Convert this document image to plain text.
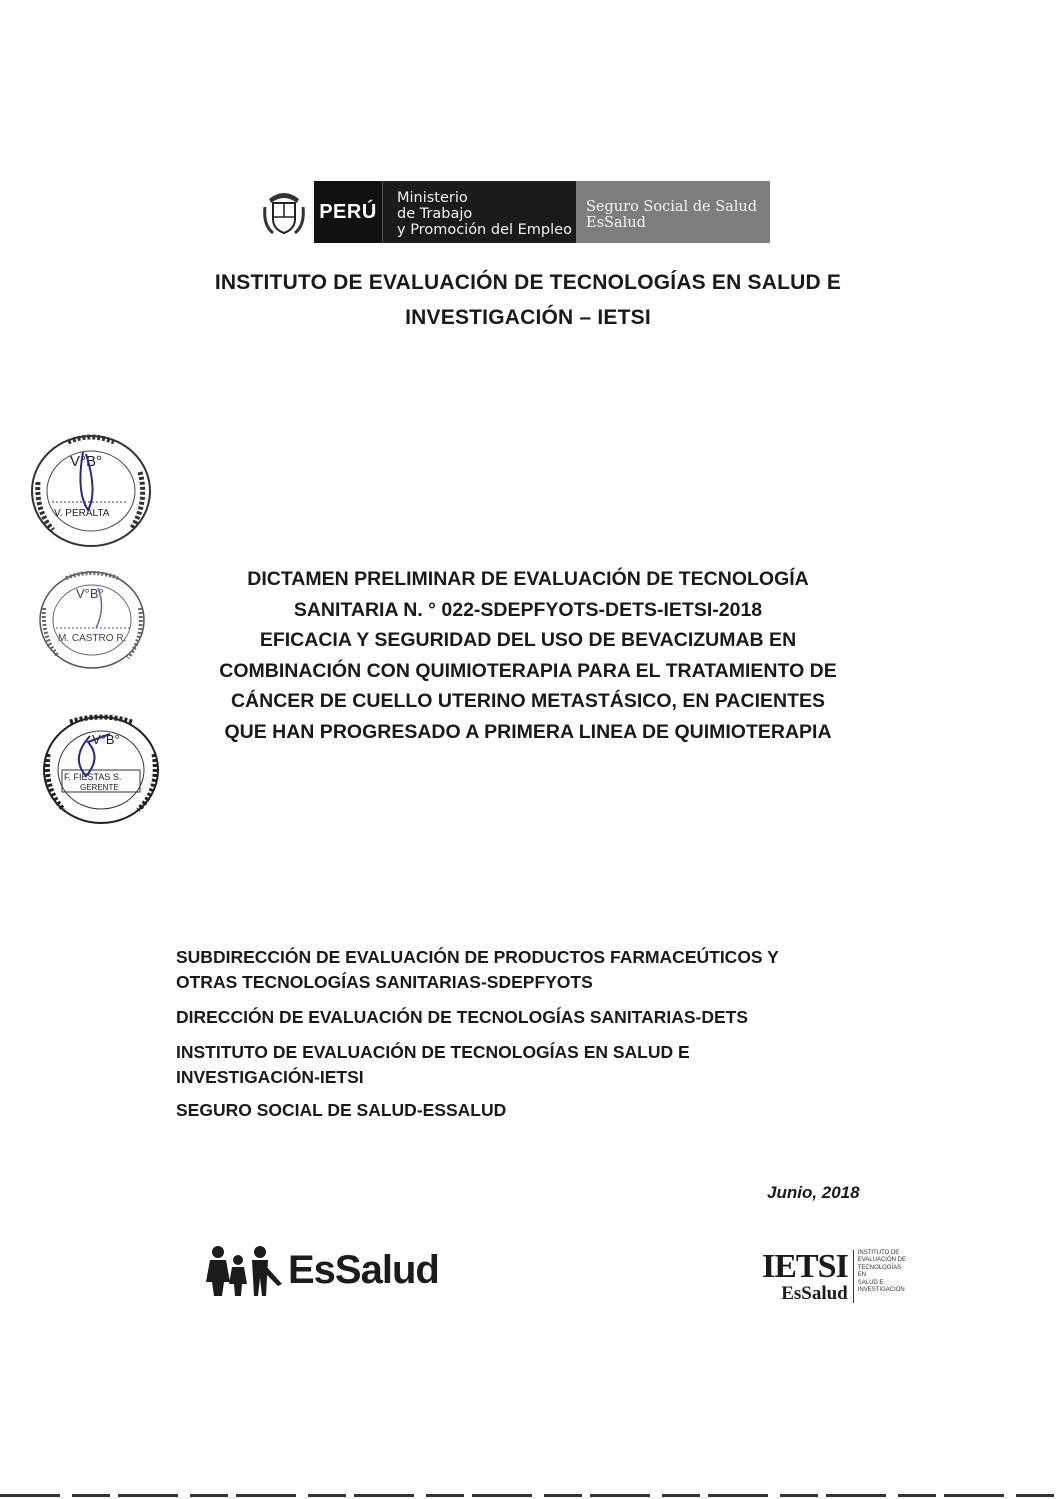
PERÚ
Ministerio
de Trabajo
y Promoción del Empleo
Seguro Social de Salud
EsSalud
INSTITUTO DE EVALUACIÓN DE TECNOLOGÍAS EN SALUD E
INVESTIGACIÓN – IETSI
V°B°
V. PERALTA
V°B°
M. CASTRO R.
V°B°
F. FIESTAS S.
GERENTE
DICTAMEN PRELIMINAR DE EVALUACIÓN DE TECNOLOGÍA
SANITARIA N. ° 022-SDEPFYOTS-DETS-IETSI-2018
EFICACIA Y SEGURIDAD DEL USO DE BEVACIZUMAB EN
COMBINACIÓN CON QUIMIOTERAPIA PARA EL TRATAMIENTO DE
CÁNCER DE CUELLO UTERINO METASTÁSICO, EN PACIENTES
QUE HAN PROGRESADO A PRIMERA LINEA DE QUIMIOTERAPIA
SUBDIRECCIÓN DE EVALUACIÓN DE PRODUCTOS FARMACEÚTICOS Y
OTRAS TECNOLOGÍAS SANITARIAS-SDEPFYOTS
DIRECCIÓN DE EVALUACIÓN DE TECNOLOGÍAS SANITARIAS-DETS
INSTITUTO DE EVALUACIÓN DE TECNOLOGÍAS EN SALUD E
INVESTIGACIÓN-IETSI
SEGURO SOCIAL DE SALUD-ESSALUD
Junio, 2018
EsSalud	IETSI
EsSalud
INSTITUTO DE
EVALUACIÓN DE
TECNOLOGÍAS EN
SALUD E
INVESTIGACIÓN
